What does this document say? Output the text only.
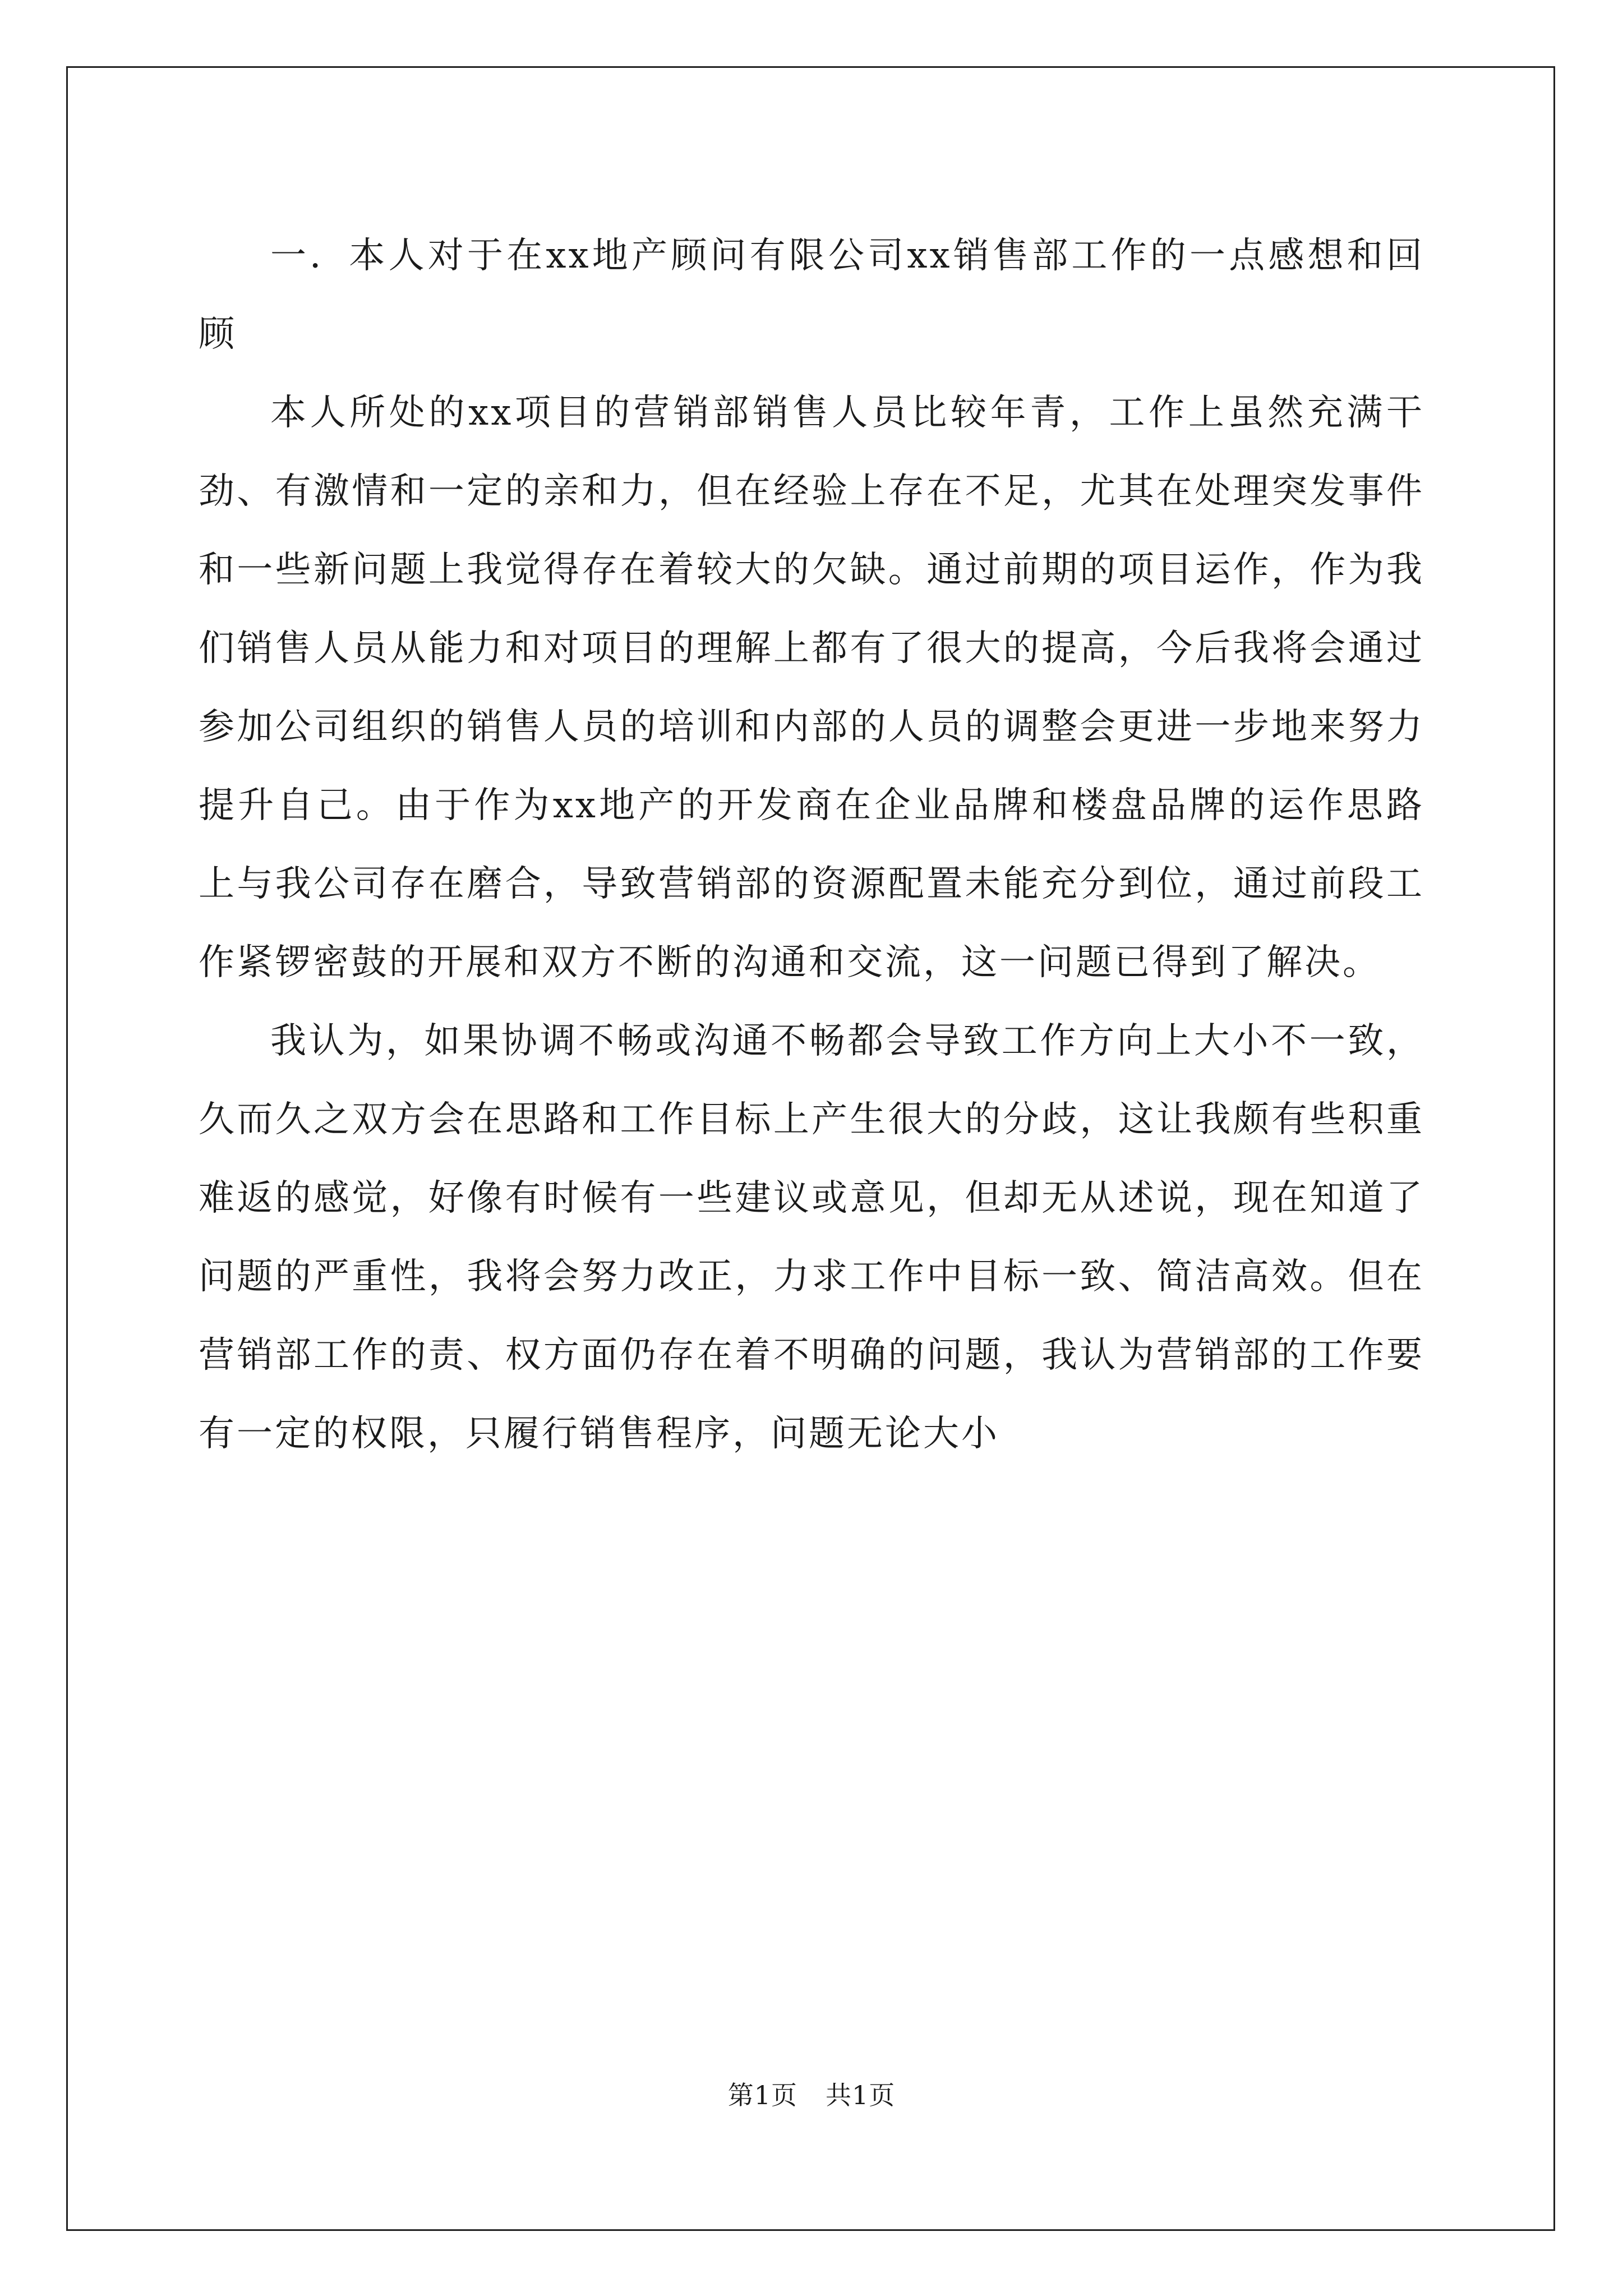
一．本人对于在xx地产顾问有限公司xx销售部工作的一点感想和回顾

本人所处的xx项目的营销部销售人员比较年青，工作上虽然充满干劲、有激情和一定的亲和力，但在经验上存在不足，尤其在处理突发事件和一些新问题上我觉得存在着较大的欠缺。通过前期的项目运作，作为我们销售人员从能力和对项目的理解上都有了很大的提高，今后我将会通过参加公司组织的销售人员的培训和内部的人员的调整会更进一步地来努力提升自己。由于作为xx地产的开发商在企业品牌和楼盘品牌的运作思路上与我公司存在磨合，导致营销部的资源配置未能充分到位，通过前段工作紧锣密鼓的开展和双方不断的沟通和交流，这一问题已得到了解决。

我认为，如果协调不畅或沟通不畅都会导致工作方向上大小不一致，久而久之双方会在思路和工作目标上产生很大的分歧，这让我颇有些积重难返的感觉，好像有时候有一些建议或意见，但却无从述说，现在知道了问题的严重性，我将会努力改正，力求工作中目标一致、简洁高效。但在营销部工作的责、权方面仍存在着不明确的问题，我认为营销部的工作要有一定的权限，只履行销售程序，问题无论大小

第1页 共1页
